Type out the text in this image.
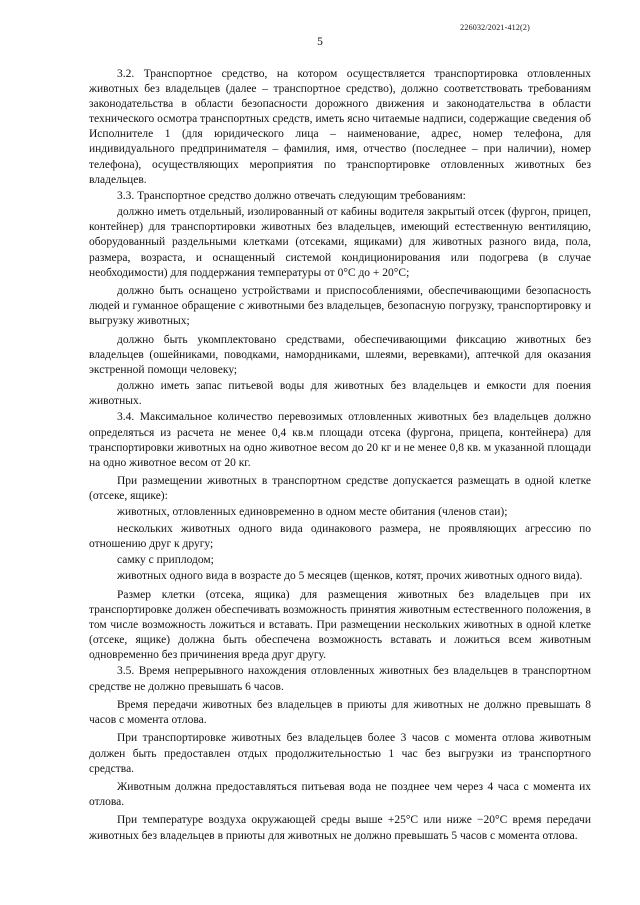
226032/2021-412(2)
5

3.2. Транспортное средство, на котором осуществляется транспортировка отловленных животных без владельцев (далее – транспортное средство), должно соответствовать требованиям законодательства в области безопасности дорожного движения и законодательства в области технического осмотра транспортных средств, иметь ясно читаемые надписи, содержащие сведения об Исполнителе 1 (для юридического лица – наименование, адрес, номер телефона, для индивидуального предпринимателя – фамилия, имя, отчество (последнее – при наличии), номер телефона), осуществляющих мероприятия по транспортировке отловленных животных без владельцев.

3.3. Транспортное средство должно отвечать следующим требованиям:

должно иметь отдельный, изолированный от кабины водителя закрытый отсек (фургон, прицеп, контейнер) для транспортировки животных без владельцев, имеющий естественную вентиляцию, оборудованный раздельными клетками (отсеками, ящиками) для животных разного вида, пола, размера, возраста, и оснащенный системой кондиционирования или подогрева (в случае необходимости) для поддержания температуры от 0°C до + 20°C;

должно быть оснащено устройствами и приспособлениями, обеспечивающими безопасность людей и гуманное обращение с животными без владельцев, безопасную погрузку, транспортировку и выгрузку животных;

должно быть укомплектовано средствами, обеспечивающими фиксацию животных без владельцев (ошейниками, поводками, намордниками, шлеями, веревками), аптечкой для оказания экстренной помощи человеку;

должно иметь запас питьевой воды для животных без владельцев и емкости для поения животных.

3.4. Максимальное количество перевозимых отловленных животных без владельцев должно определяться из расчета не менее 0,4 кв.м площади отсека (фургона, прицепа, контейнера) для транспортировки животных на одно животное весом до 20 кг и не менее 0,8 кв. м указанной площади на одно животное весом от 20 кг.

При размещении животных в транспортном средстве допускается размещать в одной клетке (отсеке, ящике):

животных, отловленных единовременно в одном месте обитания (членов стаи);

нескольких животных одного вида одинакового размера, не проявляющих агрессию по отношению друг к другу;

самку с приплодом;

животных одного вида в возрасте до 5 месяцев (щенков, котят, прочих животных одного вида).

Размер клетки (отсека, ящика) для размещения животных без владельцев при их транспортировке должен обеспечивать возможность принятия животным естественного положения, в том числе возможность ложиться и вставать. При размещении нескольких животных в одной клетке (отсеке, ящике) должна быть обеспечена возможность вставать и ложиться всем животным одновременно без причинения вреда друг другу.

3.5. Время непрерывного нахождения отловленных животных без владельцев в транспортном средстве не должно превышать 6 часов.

Время передачи животных без владельцев в приюты для животных не должно превышать 8 часов с момента отлова.

При транспортировке животных без владельцев более 3 часов с момента отлова животным должен быть предоставлен отдых продолжительностью 1 час без выгрузки из транспортного средства.

Животным должна предоставляться питьевая вода не позднее чем через 4 часа с момента их отлова.

При температуре воздуха окружающей среды выше +25°C или ниже −20°C время передачи животных без владельцев в приюты для животных не должно превышать 5 часов с момента отлова.
